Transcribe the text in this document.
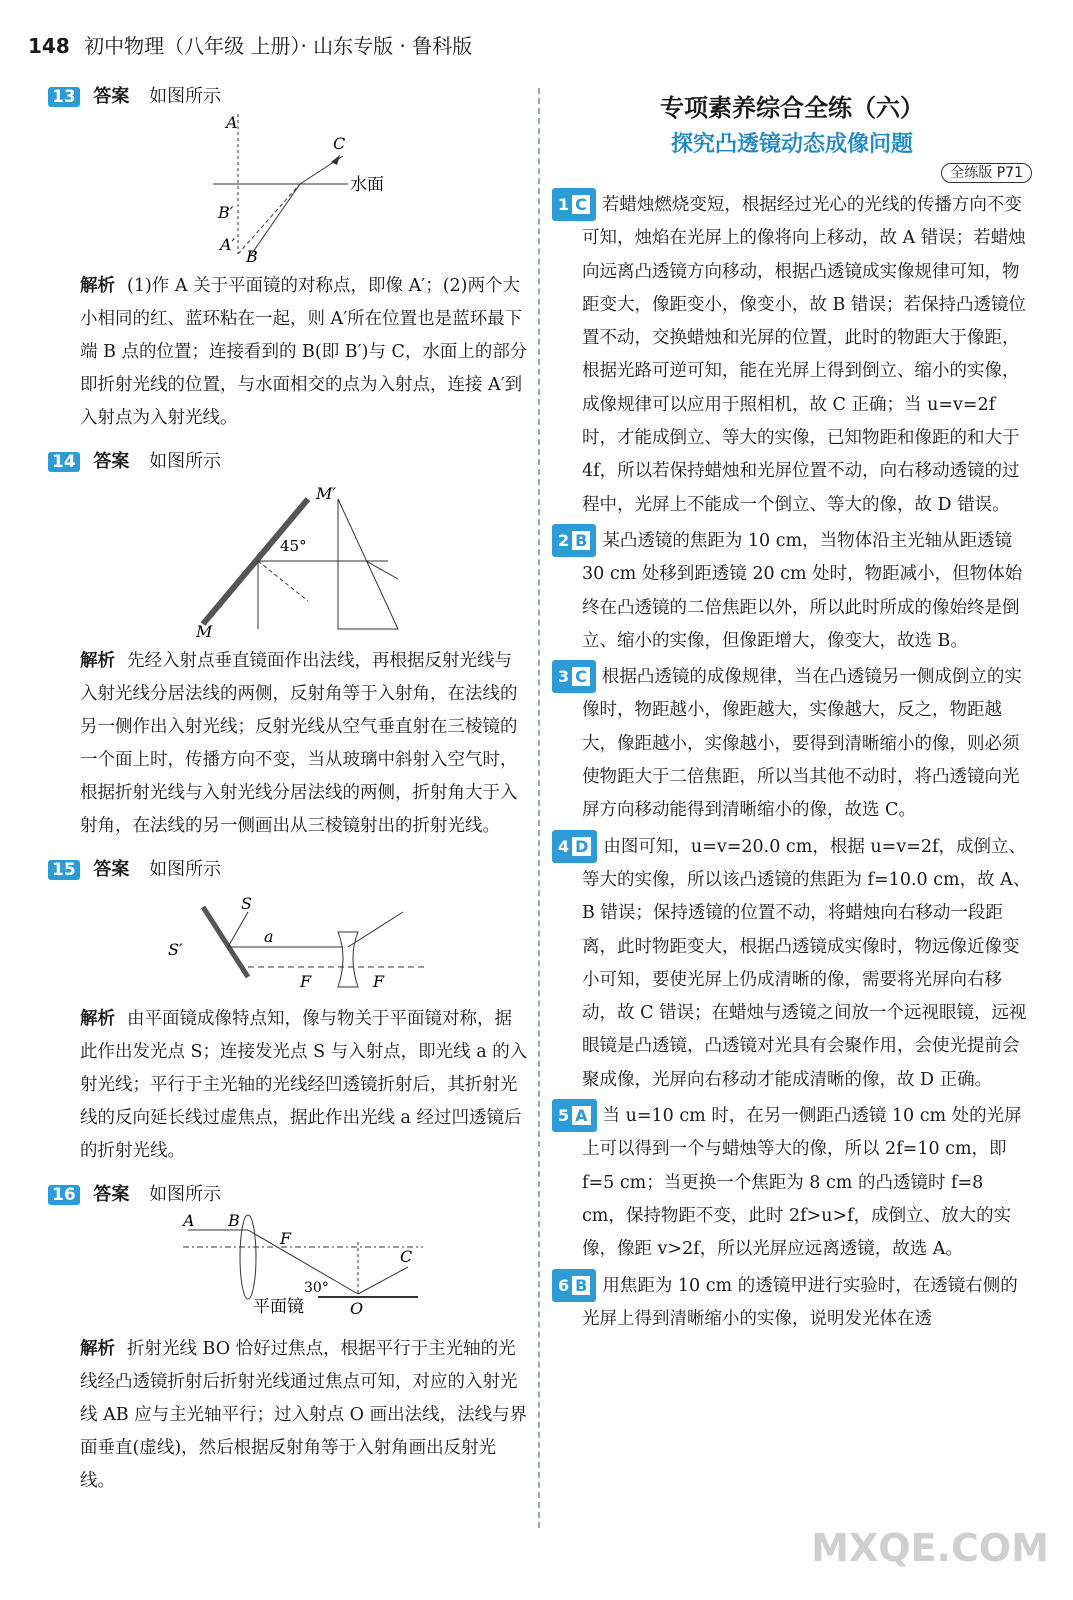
148 初中物理（八年级 上册）· 山东专版 · 鲁科版
13 答案 如图所示
A
C
水面
B′
A′
B
解析 (1)作 A 关于平面镜的对称点，即像 A′；(2)两个大小相同的红、蓝环粘在一起，则 A′所在位置也是蓝环最下端 B 点的位置；连接看到的 B(即 B′)与 C，水面上的部分即折射光线的位置，与水面相交的点为入射点，连接 A′到入射点为入射光线。
14 答案 如图所示
M′
M
45°
解析 先经入射点垂直镜面作出法线，再根据反射光线与入射光线分居法线的两侧，反射角等于入射角，在法线的另一侧作出入射光线；反射光线从空气垂直射在三棱镜的一个面上时，传播方向不变，当从玻璃中斜射入空气时，根据折射光线与入射光线分居法线的两侧，折射角大于入射角，在法线的另一侧画出从三棱镜射出的折射光线。
15 答案 如图所示
S
S′
a
F	F
解析 由平面镜成像特点知，像与物关于平面镜对称，据此作出发光点 S；连接发光点 S 与入射点，即光线 a 的入射光线；平行于主光轴的光线经凹透镜折射后，其折射光线的反向延长线过虚焦点，据此作出光线 a 经过凹透镜后的折射光线。
16 答案 如图所示
A B
F
C
30°
平面镜	O
解析 折射光线 BO 恰好过焦点，根据平行于主光轴的光线经凸透镜折射后折射光线通过焦点可知，对应的入射光线 AB 应与主光轴平行；过入射点 O 画出法线，法线与界面垂直(虚线)，然后根据反射角等于入射角画出反射光线。
专项素养综合全练（六）
探究凸透镜动态成像问题
全练版 P71
1 C 若蜡烛燃烧变短，根据经过光心的光线的传播方向不变可知，烛焰在光屏上的像将向上移动，故 A 错误；若蜡烛向远离凸透镜方向移动，根据凸透镜成实像规律可知，物距变大，像距变小，像变小，故 B 错误；若保持凸透镜位置不动，交换蜡烛和光屏的位置，此时的物距大于像距，根据光路可逆可知，能在光屏上得到倒立、缩小的实像，成像规律可以应用于照相机，故 C 正确；当 u=v=2f 时，才能成倒立、等大的实像，已知物距和像距的和大于 4f，所以若保持蜡烛和光屏位置不动，向右移动透镜的过程中，光屏上不能成一个倒立、等大的像，故 D 错误。
2 B 某凸透镜的焦距为 10 cm，当物体沿主光轴从距透镜 30 cm 处移到距透镜 20 cm 处时，物距减小，但物体始终在凸透镜的二倍焦距以外，所以此时所成的像始终是倒立、缩小的实像，但像距增大，像变大，故选 B。
3 C 根据凸透镜的成像规律，当在凸透镜另一侧成倒立的实像时，物距越小，像距越大，实像越大，反之，物距越大，像距越小，实像越小，要得到清晰缩小的像，则必须使物距大于二倍焦距，所以当其他不动时，将凸透镜向光屏方向移动能得到清晰缩小的像，故选 C。
4 D 由图可知，u=v=20.0 cm，根据 u=v=2f，成倒立、等大的实像，所以该凸透镜的焦距为 f=10.0 cm，故 A、B 错误；保持透镜的位置不动，将蜡烛向右移动一段距离，此时物距变大，根据凸透镜成实像时，物远像近像变小可知，要使光屏上仍成清晰的像，需要将光屏向右移动，故 C 错误；在蜡烛与透镜之间放一个远视眼镜，远视眼镜是凸透镜，凸透镜对光具有会聚作用，会使光提前会聚成像，光屏向右移动才能成清晰的像，故 D 正确。
5 A 当 u=10 cm 时，在另一侧距凸透镜 10 cm 处的光屏上可以得到一个与蜡烛等大的像，所以 2f=10 cm，即 f=5 cm；当更换一个焦距为 8 cm 的凸透镜时 f=8 cm，保持物距不变，此时 2f>u>f，成倒立、放大的实像，像距 v>2f，所以光屏应远离透镜，故选 A。
6 B 用焦距为 10 cm 的透镜甲进行实验时，在透镜右侧的光屏上得到清晰缩小的实像，说明发光体在透
MXQE.COM
